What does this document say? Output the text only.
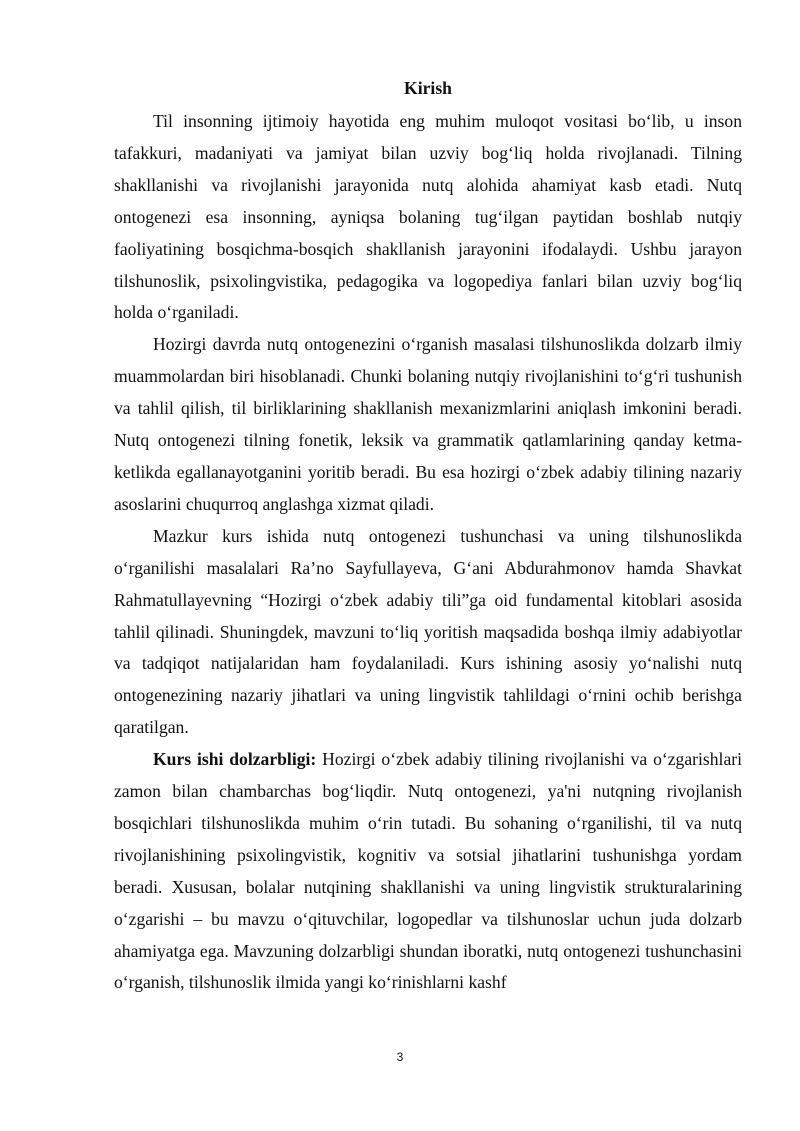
Kirish

Til insonning ijtimoiy hayotida eng muhim muloqot vositasi bo‘lib, u inson tafakkuri, madaniyati va jamiyat bilan uzviy bog‘liq holda rivojlanadi. Tilning shakllanishi va rivojlanishi jarayonida nutq alohida ahamiyat kasb etadi. Nutq ontogenezi esa insonning, ayniqsa bolaning tug‘ilgan paytidan boshlab nutqiy faoliyatining bosqichma-bosqich shakllanish jarayonini ifodalaydi. Ushbu jarayon tilshunoslik, psixolingvistika, pedagogika va logopediya fanlari bilan uzviy bog‘liq holda o‘rganiladi.

Hozirgi davrda nutq ontogenezini o‘rganish masalasi tilshunoslikda dolzarb ilmiy muammolardan biri hisoblanadi. Chunki bolaning nutqiy rivojlanishini to‘g‘ri tushunish va tahlil qilish, til birliklarining shakllanish mexanizmlarini aniqlash imkonini beradi. Nutq ontogenezi tilning fonetik, leksik va grammatik qatlamlarining qanday ketma-ketlikda egallanayotganini yoritib beradi. Bu esa hozirgi o‘zbek adabiy tilining nazariy asoslarini chuqurroq anglashga xizmat qiladi.

Mazkur kurs ishida nutq ontogenezi tushunchasi va uning tilshunoslikda o‘rganilishi masalalari Ra’no Sayfullayeva, G‘ani Abdurahmonov hamda Shavkat Rahmatullayevning “Hozirgi o‘zbek adabiy tili”ga oid fundamental kitoblari asosida tahlil qilinadi. Shuningdek, mavzuni to‘liq yoritish maqsadida boshqa ilmiy adabiyotlar va tadqiqot natijalaridan ham foydalaniladi. Kurs ishining asosiy yo‘nalishi nutq ontogenezining nazariy jihatlari va uning lingvistik tahlildagi o‘rnini ochib berishga qaratilgan.

Kurs ishi dolzarbligi: Hozirgi o‘zbek adabiy tilining rivojlanishi va o‘zgarishlari zamon bilan chambarchas bog‘liqdir. Nutq ontogenezi, ya'ni nutqning rivojlanish bosqichlari tilshunoslikda muhim o‘rin tutadi. Bu sohaning o‘rganilishi, til va nutq rivojlanishining psixolingvistik, kognitiv va sotsial jihatlarini tushunishga yordam beradi. Xususan, bolalar nutqining shakllanishi va uning lingvistik strukturalarining o‘zgarishi – bu mavzu o‘qituvchilar, logopedlar va tilshunoslar uchun juda dolzarb ahamiyatga ega. Mavzuning dolzarbligi shundan iboratki, nutq ontogenezi tushunchasini o‘rganish, tilshunoslik ilmida yangi ko‘rinishlarni kashf

3
